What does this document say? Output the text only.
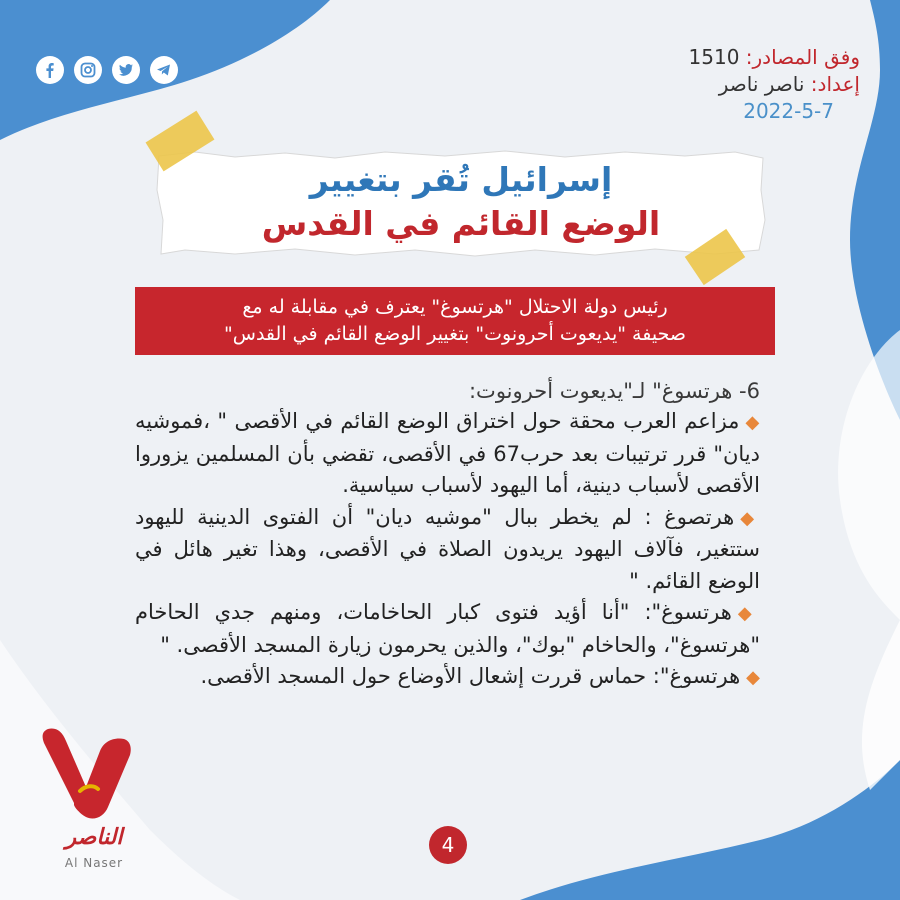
وفق المصادر: 1510
إعداد: ناصر ناصر
2022-5-7
إسرائيل تُقر بتغيير
الوضع القائم في القدس
رئيس دولة الاحتلال "هرتسوغ" يعترف في مقابلة له مع
صحيفة "يديعوت أحرونوت" بتغيير الوضع القائم في القدس"
6- هرتسوغ" لـ"يديعوت أحرونوت:
◆مزاعم العرب محقة حول اختراق الوضع القائم في الأقصى " ،فموشيه ديان" قرر ترتيبات بعد حرب67 في الأقصى، تقضي بأن المسلمين يزوروا الأقصى لأسباب دينية، أما اليهود لأسباب سياسية.
◆هرتصوغ : لم يخطر ببال "موشيه ديان" أن الفتوى الدينية لليهود ستتغير، فآلاف اليهود يريدون الصلاة في الأقصى، وهذا تغير هائل في الوضع القائم. "
◆هرتسوغ": "أنا أؤيد فتوى كبار الحاخامات، ومنهم جدي الحاخام "هرتسوغ"، والحاخام "بوك"، والذين يحرمون زيارة المسجد الأقصى. "
◆هرتسوغ": حماس قررت إشعال الأوضاع حول المسجد الأقصى.
الناصر
Al Naser
4
